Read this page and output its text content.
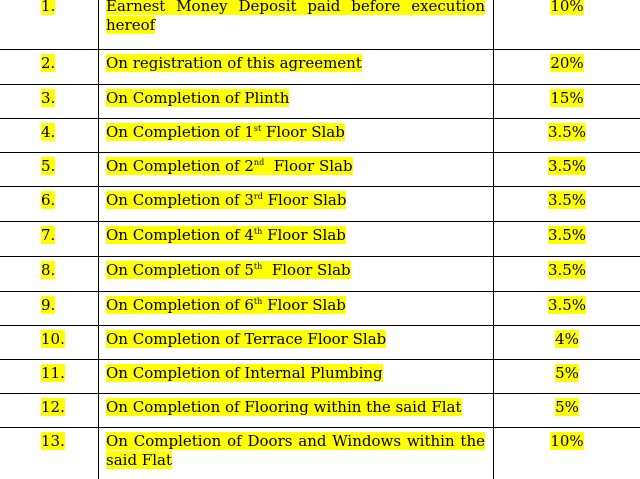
1.	Earnest Money Deposit paid before execution hereof	10%
2.	On registration of this agreement	20%
3.	On Completion of Plinth	15%
4.	On Completion of 1st Floor Slab	3.5%
5.	On Completion of 2nd  Floor Slab	3.5%
6.	On Completion of 3rd Floor Slab	3.5%
7.	On Completion of 4th Floor Slab	3.5%
8.	On Completion of 5th  Floor Slab	3.5%
9.	On Completion of 6th Floor Slab	3.5%
10.	On Completion of Terrace Floor Slab	4%
11.	On Completion of Internal Plumbing	5%
12.	On Completion of Flooring within the said Flat	5%
13.	On Completion of Doors and Windows within the said Flat	10%
